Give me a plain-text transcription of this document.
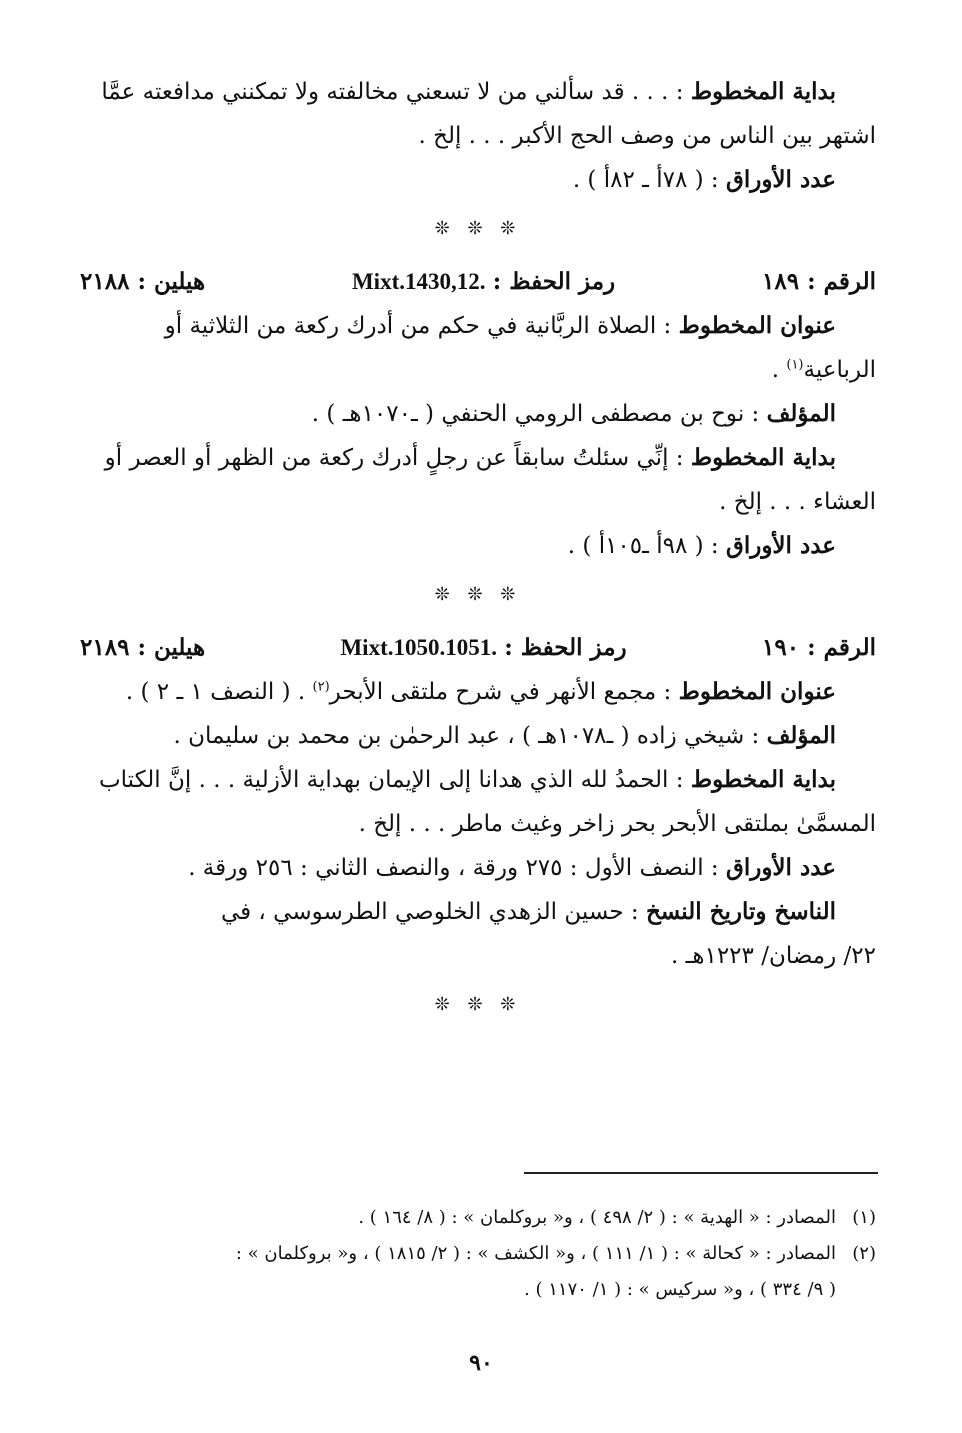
بداية المخطوط : . . . قد سألني من لا تسعني مخالفته ولا تمكنني مدافعته عمَّا
اشتهر بين الناس من وصف الحج الأكبر . . . إلخ .
عدد الأوراق : ( ٧٨أ ـ ٨٢أ ) .
❊ ❊ ❊
الرقم : ١٨٩
رمز الحفظ : Mixt.1430,12.
هيلين : ٢١٨٨
عنوان المخطوط : الصلاة الربَّانية في حكم من أدرك ركعة من الثلاثية أو
الرباعية$^{(١)}$ .
المؤلف : نوح بن مصطفى الرومي الحنفي ( ـ١٠٧٠هـ ) .
بداية المخطوط : إنِّي سئلتُ سابقاً عن رجلٍ أدرك ركعة من الظهر أو العصر أو
العشاء . . . إلخ .
عدد الأوراق : ( ٩٨أ ـ١٠٥أ ) .
❊ ❊ ❊
الرقم : ١٩٠
رمز الحفظ : Mixt.1050.1051.
هيلين : ٢١٨٩
عنوان المخطوط : مجمع الأنهر في شرح ملتقى الأبحر$^{(٢)}$ . ( النصف ١ ـ ٢ ) .
المؤلف : شيخي زاده ( ـ١٠٧٨هـ ) ، عبد الرحمٰن بن محمد بن سليمان .
بداية المخطوط : الحمدُ لله الذي هدانا إلى الإيمان بهداية الأزلية . . . إنَّ الكتاب
المسمَّىٰ بملتقى الأبحر بحر زاخر وغيث ماطر . . . إلخ .
عدد الأوراق : النصف الأول : ٢٧٥ ورقة ، والنصف الثاني : ٢٥٦ ورقة .
الناسخ وتاريخ النسخ : حسين الزهدي الخلوصي الطرسوسي ، في
٢٢/ رمضان/ ١٢٢٣هـ .
❊ ❊ ❊
(١)
المصادر : « الهدية » : ( ٢/ ٤٩٨ ) ، و« بروكلمان » : ( ٨/ ١٦٤ ) .
(٢)
المصادر : « كحالة » : ( ١/ ١١١ ) ، و« الكشف » : ( ٢/ ١٨١٥ ) ، و« بروكلمان » :
( ٩/ ٣٣٤ ) ، و« سركيس » : ( ١/ ١١٧٠ ) .
٩٠
